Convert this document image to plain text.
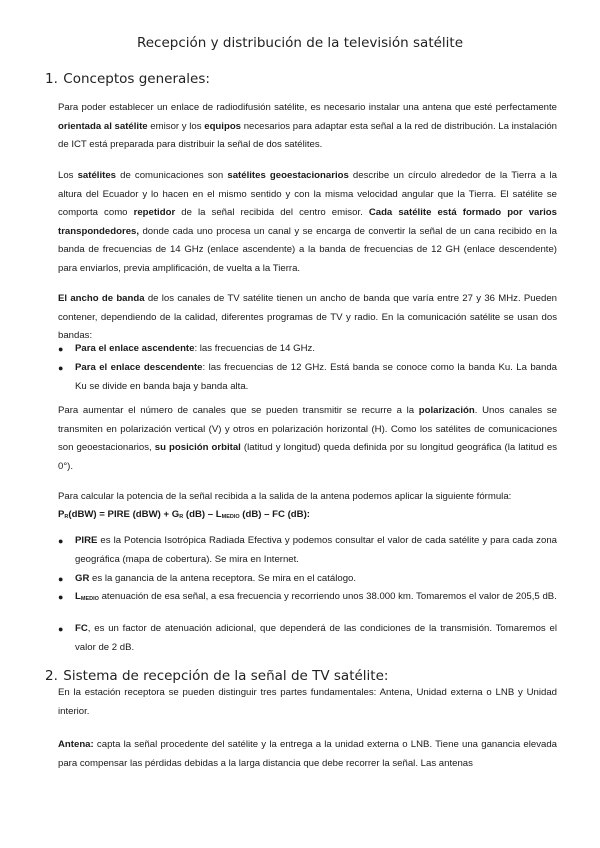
Recepción y distribución de la televisión satélite
1. Conceptos generales:

Para poder establecer un enlace de radiodifusión satélite, es necesario instalar una antena que esté perfectamente orientada al satélite emisor y los equipos necesarios para adaptar esta señal a la red de distribución. La instalación de ICT está preparada para distribuir la señal de dos satélites.

Los satélites de comunicaciones son satélites geoestacionarios describe un círculo alrededor de la Tierra a la altura del Ecuador y lo hacen en el mismo sentido y con la misma velocidad angular que la Tierra. El satélite se comporta como repetidor de la señal recibida del centro emisor. Cada satélite está formado por varios transpondedores, donde cada uno procesa un canal y se encarga de convertir la señal de un cana recibido en la banda de frecuencias de 14 GHz (enlace ascendente) a la banda de frecuencias de 12 GH (enlace descendente) para enviarlos, previa amplificación, de vuelta a la Tierra.

El ancho de banda de los canales de TV satélite tienen un ancho de banda que varía entre 27 y 36 MHz. Pueden contener, dependiendo de la calidad, diferentes programas de TV y radio. En la comunicación satélite se usan dos bandas:

● Para el enlace ascendente: las frecuencias de 14 GHz.
● Para el enlace descendente: las frecuencias de 12 GHz. Está banda se conoce como la banda Ku. La banda Ku se divide en banda baja y banda alta.

Para aumentar el número de canales que se pueden transmitir se recurre a la polarización. Unos canales se transmiten en polarización vertical (V) y otros en polarización horizontal (H). Como los satélites de comunicaciones son geoestacionarios, su posición orbital (latitud y longitud) queda definida por su longitud geográfica (la latitud es 0°).

Para calcular la potencia de la señal recibida a la salida de la antena podemos aplicar la siguiente fórmula:

$P_R(dBW)$ = PIRE $(dBW) + G_R$ $(dB) - L_{MEDIO}$ (dB) – FC (dB):

● PIRE es la Potencia Isotrópica Radiada Efectiva y podemos consultar el valor de cada satélite y para cada zona geográfica (mapa de cobertura). Se mira en Internet.
● GR es la ganancia de la antena receptora. Se mira en el catálogo.
● $L_{MEDIO}$ atenuación de esa señal, a esa frecuencia y recorriendo unos 38.000 km. Tomaremos el valor de 205,5 dB.
● FC, es un factor de atenuación adicional, que dependerá de las condiciones de la transmisión. Tomaremos el valor de 2 dB.
2. Sistema de recepción de la señal de TV satélite:

En la estación receptora se pueden distinguir tres partes fundamentales: Antena, Unidad externa o LNB y Unidad interior.

Antena: capta la señal procedente del satélite y la entrega a la unidad externa o LNB. Tiene una ganancia elevada para compensar las pérdidas debidas a la larga distancia que debe recorrer la señal. Las antenas
